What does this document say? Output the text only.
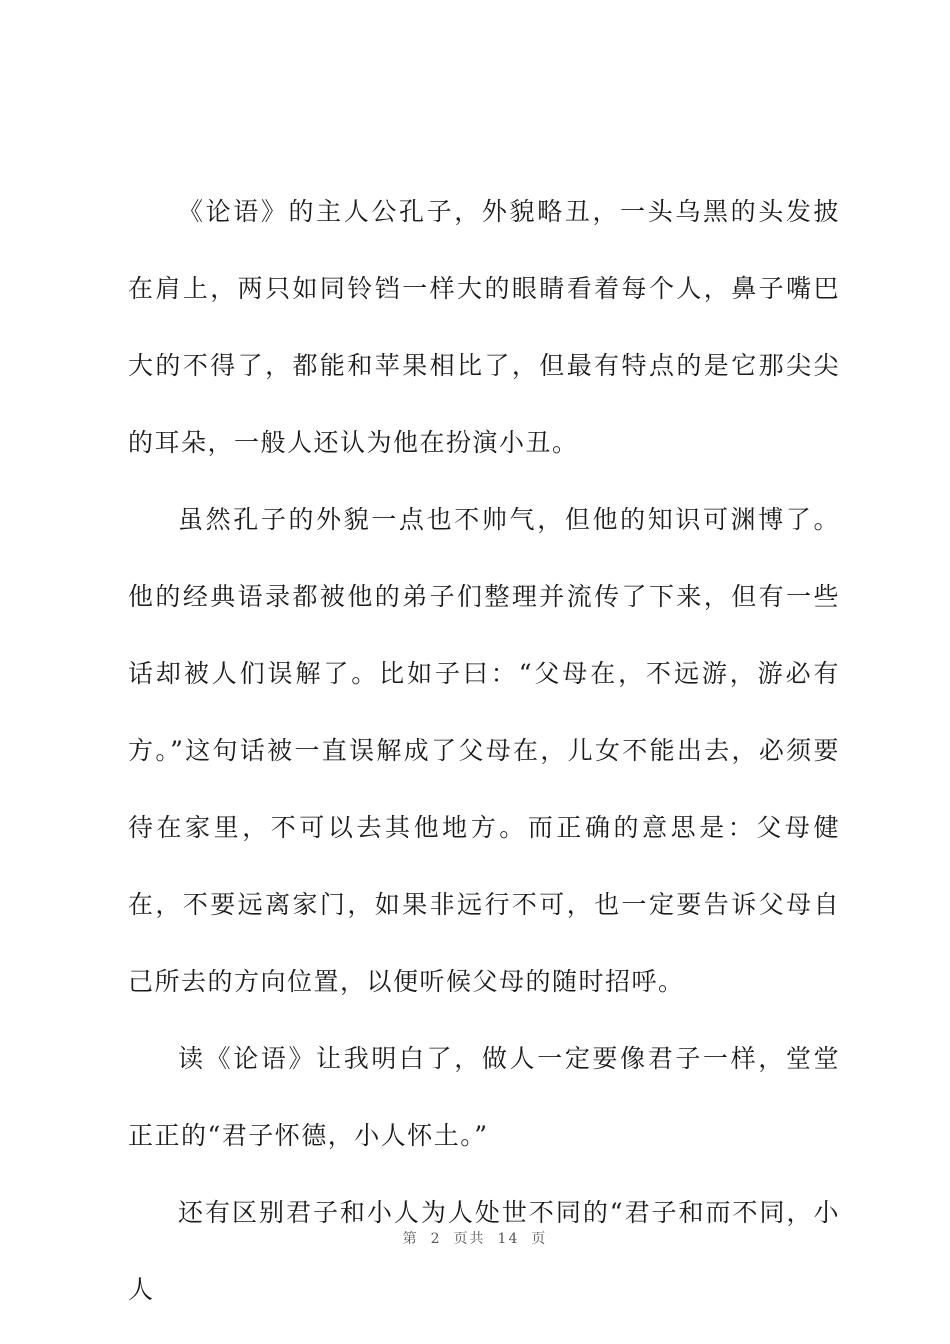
《论语》的主人公孔子，外貌略丑，一头乌黑的头发披在肩上，两只如同铃铛一样大的眼睛看着每个人，鼻子嘴巴大的不得了，都能和苹果相比了，但最有特点的是它那尖尖的耳朵，一般人还认为他在扮演小丑。

虽然孔子的外貌一点也不帅气，但他的知识可渊博了。他的经典语录都被他的弟子们整理并流传了下来，但有一些话却被人们误解了。比如子曰：“父母在，不远游，游必有方。”这句话被一直误解成了父母在，儿女不能出去，必须要待在家里，不可以去其他地方。而正确的意思是：父母健在，不要远离家门，如果非远行不可，也一定要告诉父母自己所去的方向位置，以便听候父母的随时招呼。

读《论语》让我明白了，做人一定要像君子一样，堂堂正正的“君子怀德，小人怀土。”

还有区别君子和小人为人处世不同的“君子和而不同，小人

第 2 页共 14 页
